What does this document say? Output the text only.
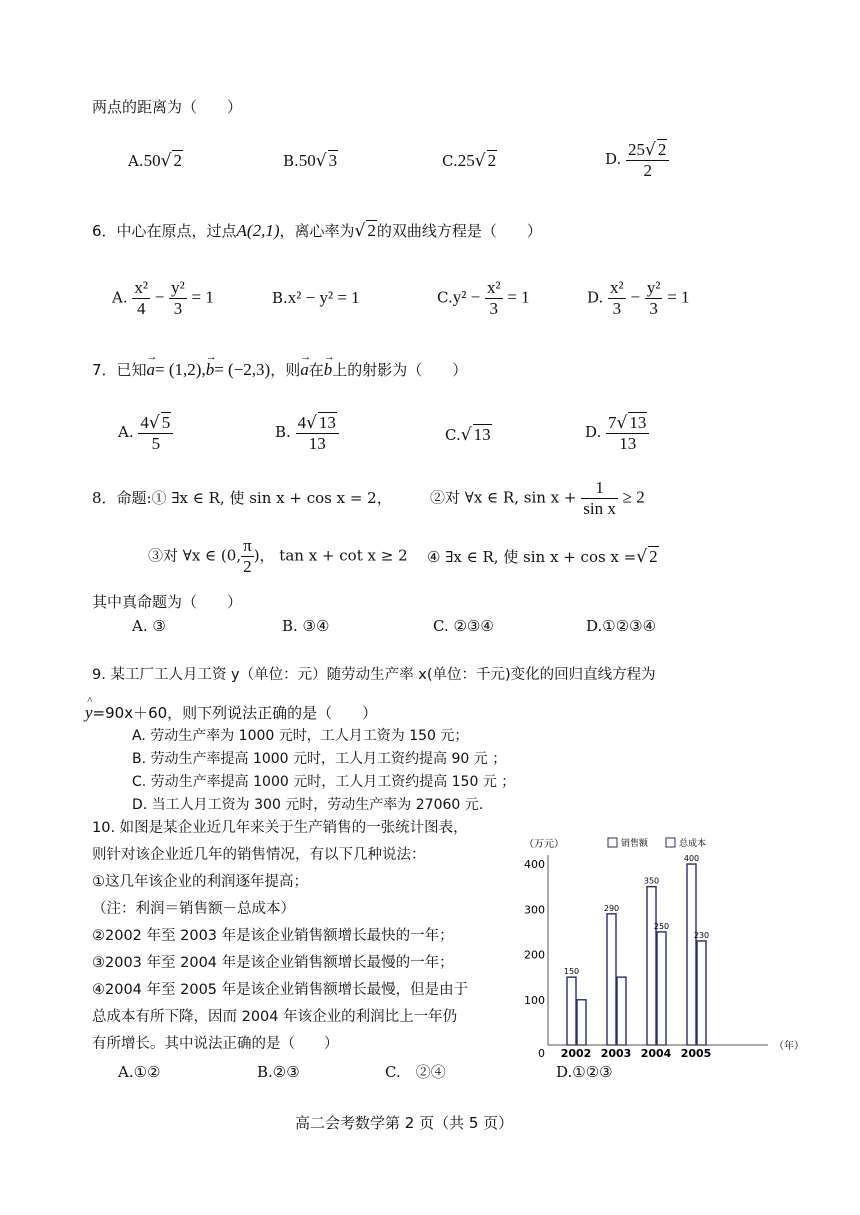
两点的距离为（　　）
A.50√ 2	B.50√ 3	C.25√ 2	D. $\frac{25√ 2}{2}$
6．中心在原点，过点A(2,1)，离心率为√ 2的双曲线方程是（　　）
A. $\frac{\text{x²}}{4} - \frac{\text{y²}}{3} = 1$	B.x² − y² = 1	$C.y^2 - \frac{\text{x²}}{3} = 1$	D. $\frac{\text{x²}}{3} - \frac{\text{y²}}{3} = 1$
7．已知→ a= (1,2),→ b= (−2,3)，则→ a在→ b上的射影为（　　）
A. $\frac{4√ 5}{5}$	B. $\frac{4√ 13}{13}$	C.√ 13	D. $\frac{7√ 13}{13}$
8．命题:① ∃x ∈ R, 使 sin x + cos x = 2，	②对 ∀x ∈ R, $\sin x + \frac{1}{\text{sin x}} \ge 2$
③对 ∀x ∈ (0, $\frac{\pi}{2}$ )， tan x + cot x ≥ 2 ④ ∃x ∈ R, 使 sin x + cos x =√ 2
其中真命题为（　　）
A. ③	B. ③④	C. ②③④	D.①②③④
9. 某工厂工人月工资 y（单位：元）随劳动生产率 x(单位：千元)变化的回归直线方程为
^ y=90x＋60，则下列说法正确的是（　　）
A. 劳动生产率为 1000 元时，工人月工资为 150 元；
B. 劳动生产率提高 1000 元时，工人月工资约提高 90 元 ；
C. 劳动生产率提高 1000 元时，工人月工资约提高 150 元 ；
D. 当工人月工资为 300 元时，劳动生产率为 27060 元.
10. 如图是某企业近几年来关于生产销售的一张统计图表，
则针对该企业近几年的销售情况，有以下几种说法：
①这几年该企业的利润逐年提高；
（注：利润＝销售额－总成本）
②2002 年至 2003 年是该企业销售额增长最快的一年；
③2003 年至 2004 年是该企业销售额增长最慢的一年；
④2004 年至 2005 年是该企业销售额增长最慢，但是由于
总成本有所下降，因而 2004 年该企业的利润比上一年仍
有所增长。其中说法正确的是（　　）
A.①②	B.②③	C.　②④	D.①②③
（万元）	销售额	总成本
400
300
200
100
150
290
350
250
400
230
2002 2003 2004 2005
0
（年）
高二会考数学第 2 页（共 5 页）
